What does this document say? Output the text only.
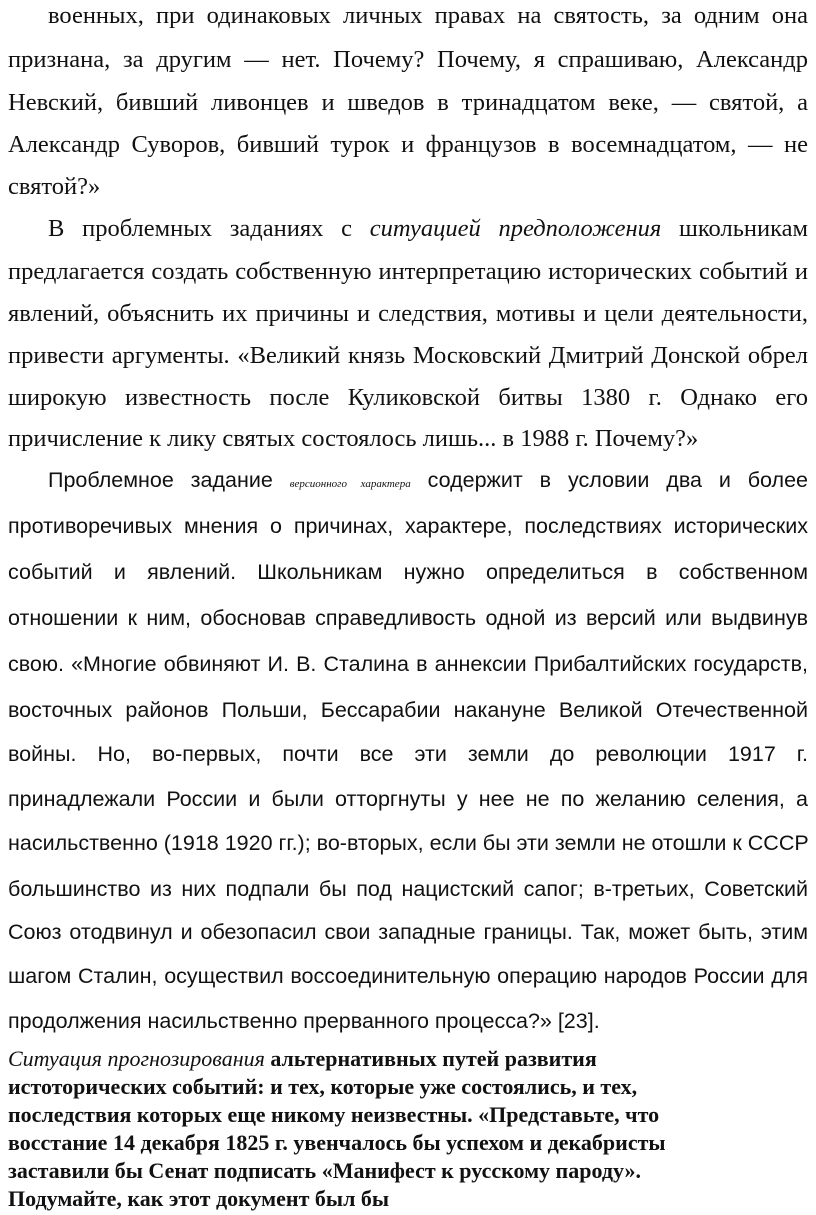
военных, при одинаковых личных правах на святость, за одним она

признана, за другим — нет. Почему? Почему, я спрашиваю, Александр

Невский, бивший ливонцев и шведов в тринадцатом веке, — святой, а

Александр Суворов, бивший турок и французов в восемнадцатом, — не

святой?»

В проблемных заданиях с ситуацией предположения школьникам

предлагается создать собственную интерпретацию исторических событий и

явлений, объяснить их причины и следствия, мотивы и цели деятельности,

привести аргументы. «Великий князь Московский Дмитрий Донской обрел

широкую известность после Куликовской битвы 1380 г. Однако его

причисление к лику святых состоялось лишь... в 1988 г. Почему?»

Проблемное задание версионного характера содержит в условии два и более

противоречивых мнения о причинах, характере, последствиях исторических

событий и явлений. Школьникам нужно определиться в собственном

отношении к ним, обосновав справедливость одной из версий или выдвинув

свою. «Многие обвиняют И. В. Сталина в аннексии Прибалтийских государств,

восточных районов Польши, Бессарабии накануне Великой Отечественной

войны. Но, во-первых, почти все эти земли до революции 1917 г.

принадлежали России и были отторгнуты у нее не по желанию селения, а

насильственно (1918 1920 гг.); во-вторых, если бы эти земли не отошли к СССР

большинство из них подпали бы под нацистский сапог; в-третьих, Советский

Союз отодвинул и обезопасил свои западные границы. Так, может быть, этим

шагом Сталин, осуществил воссоединительную операцию народов России для

продолжения насильственно прерванного процесса?» [23].

Ситуация прогнозирования альтернативных путей развития
истоторических событий: и тех, которые уже состоялись, и тех,
последствия которых еще никому неизвестны. «Представьте, что
восстание 14 декабря 1825 г. увенчалось бы успехом и декабристы
заставили бы Сенат подписать «Манифест к русскому пароду».
Подумайте, как этот документ был бы
